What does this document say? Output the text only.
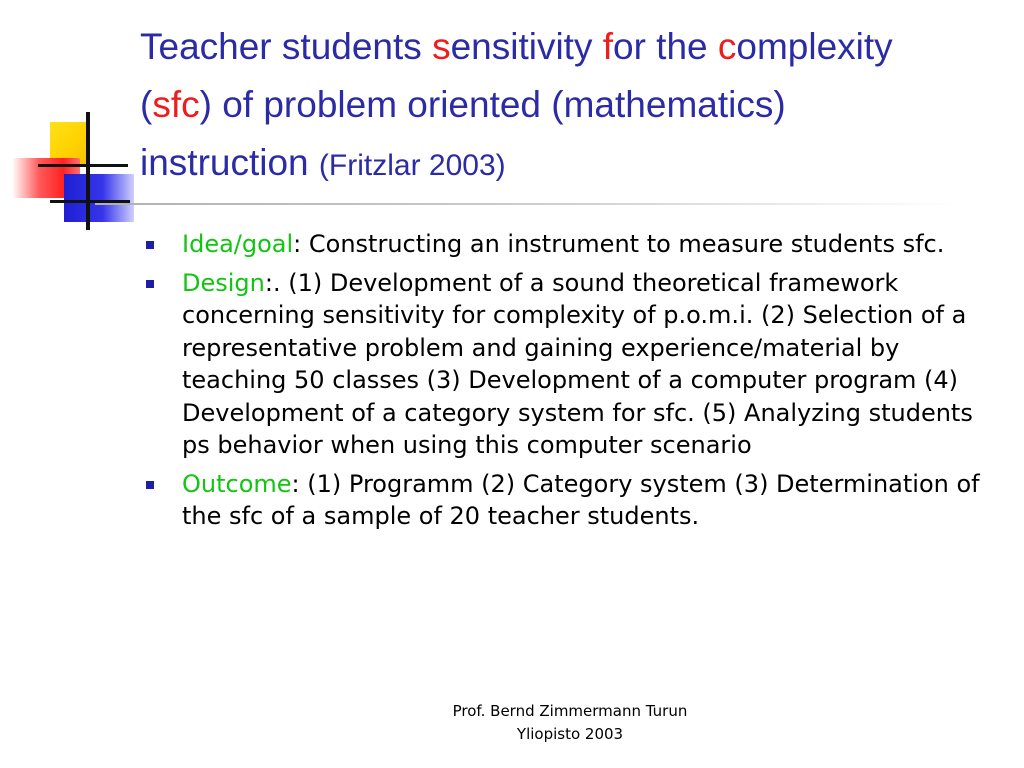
Teacher students sensitivity for the complexity (sfc) of problem oriented (mathematics) instruction (Fritzlar 2003)
Idea/goal: Constructing an instrument to measure students sfc.
Design:. (1) Development of a sound theoretical framework concerning sensitivity for complexity of p.o.m.i. (2) Selection of a representative problem and gaining experience/material by teaching 50 classes (3) Development of a computer program (4) Development of a category system for sfc. (5) Analyzing students ps behavior when using this computer scenario
Outcome: (1) Programm (2) Category system (3) Determination of the sfc of a sample of 20 teacher students.
Prof. Bernd Zimmermann Turun
Yliopisto 2003
